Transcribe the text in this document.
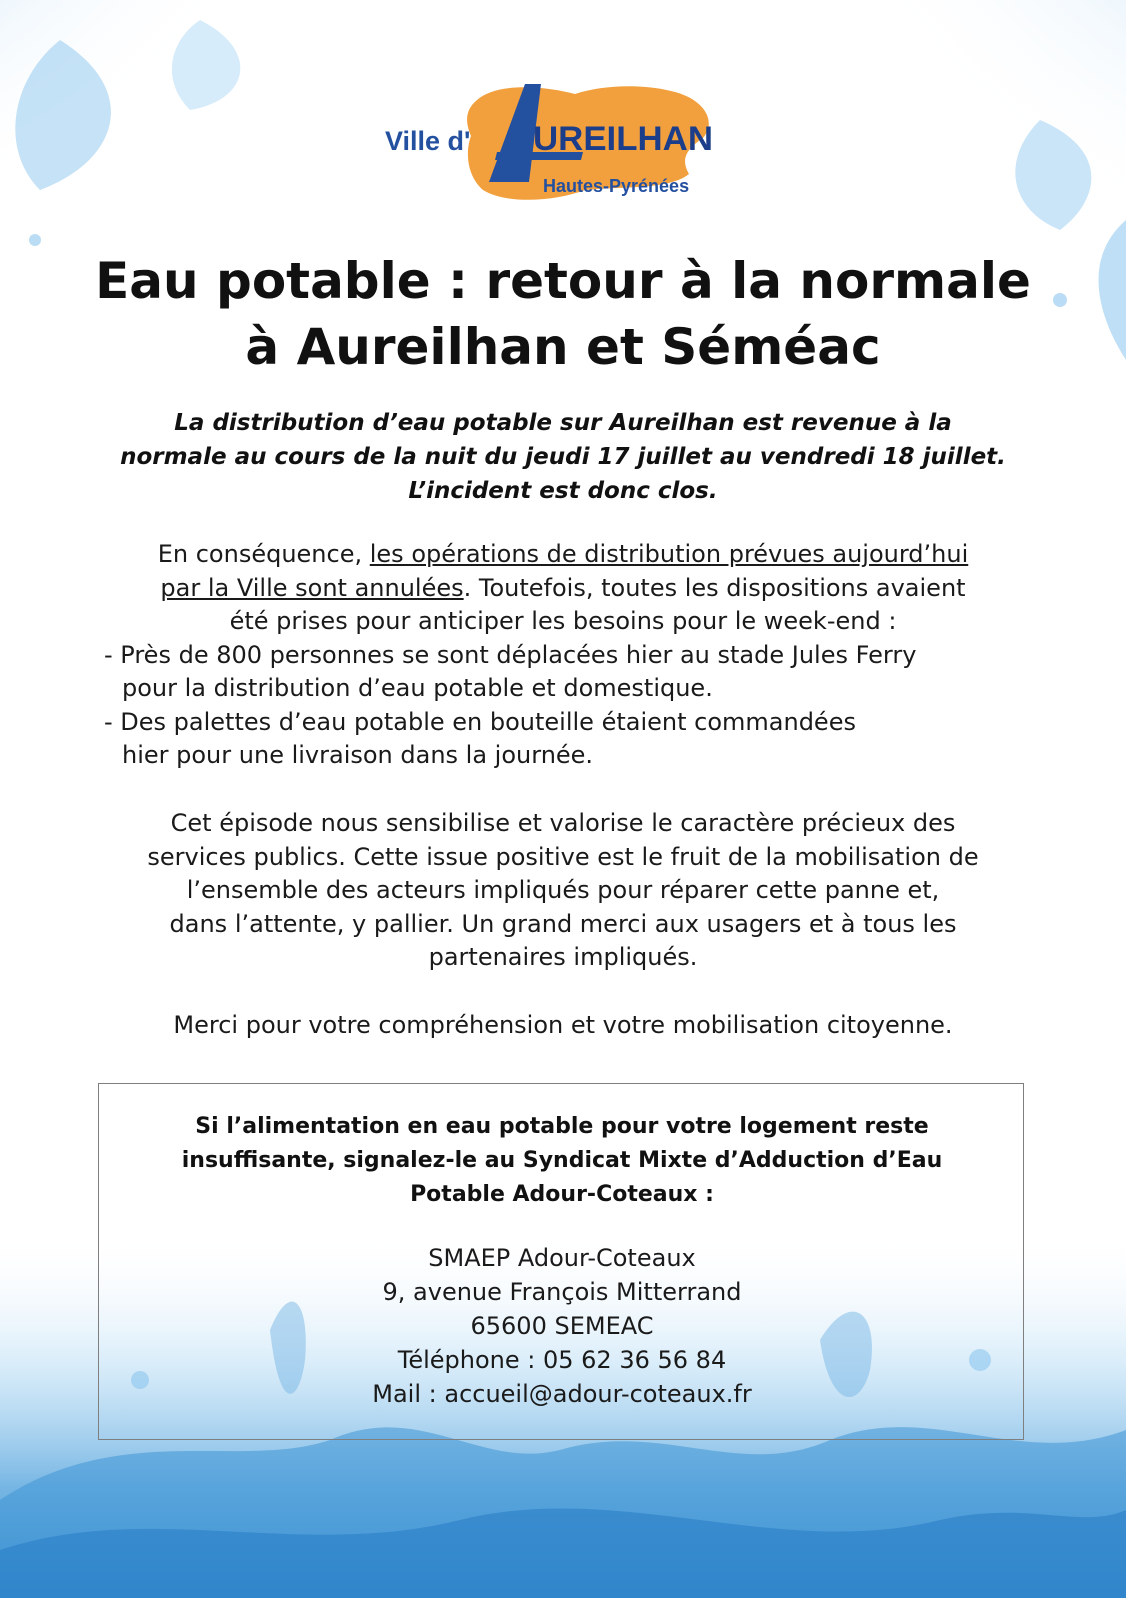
Ville d' UREILHAN
Hautes-Pyrénées
Eau potable : retour à la normale
à Aureilhan et Séméac
La distribution d’eau potable sur Aureilhan est revenue à la
normale au cours de la nuit du jeudi 17 juillet au vendredi 18 juillet.
L’incident est donc clos.
En conséquence, les opérations de distribution prévues aujourd’hui
par la Ville sont annulées. Toutefois, toutes les dispositions avaient
été prises pour anticiper les besoins pour le week-end :
- Près de 800 personnes se sont déplacées hier au stade Jules Ferry
pour la distribution d’eau potable et domestique.
- Des palettes d’eau potable en bouteille étaient commandées
hier pour une livraison dans la journée.
Cet épisode nous sensibilise et valorise le caractère précieux des
services publics. Cette issue positive est le fruit de la mobilisation de
l’ensemble des acteurs impliqués pour réparer cette panne et,
dans l’attente, y pallier. Un grand merci aux usagers et à tous les
partenaires impliqués.
Merci pour votre compréhension et votre mobilisation citoyenne.
Si l’alimentation en eau potable pour votre logement reste
insuffisante, signalez-le au Syndicat Mixte d’Adduction d’Eau
Potable Adour-Coteaux :
SMAEP Adour-Coteaux
9, avenue François Mitterrand
65600 SEMEAC
Téléphone : 05 62 36 56 84
Mail : accueil@adour-coteaux.fr
